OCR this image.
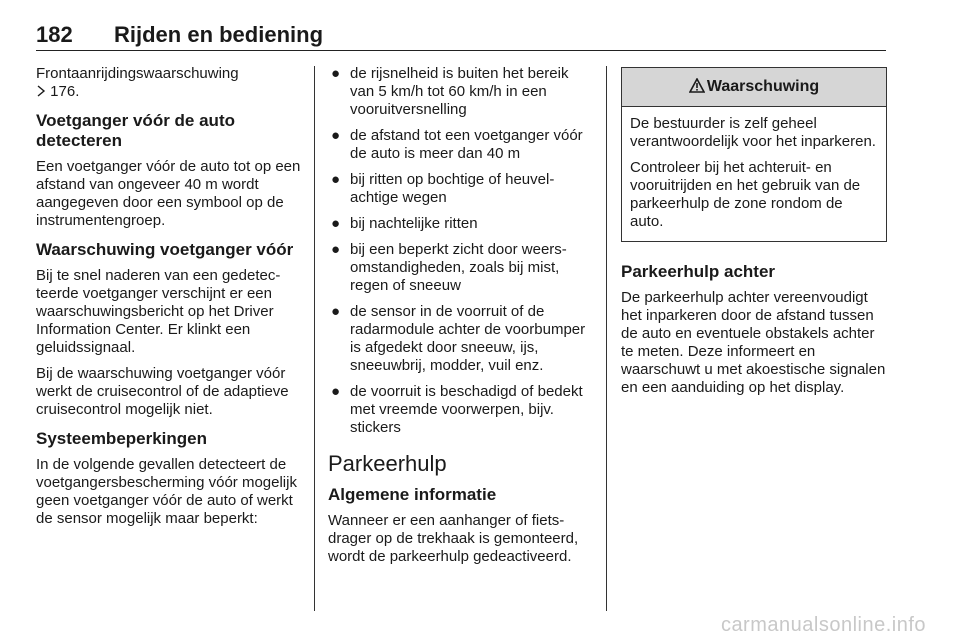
182 Rijden en bediening

Frontaanrijdingswaarschuwing
176.

Voetganger vóór de auto detecteren

Een voetganger vóór de auto tot op een afstand van ongeveer 40 m wordt aangegeven door een symbool op de instrumentengroep.

Waarschuwing voetganger vóór

Bij te snel naderen van een gedetecteerde voetganger verschijnt er een waarschuwingsbericht op het Driver Information Center. Er klinkt een geluidssignaal.

Bij de waarschuwing voetganger vóór werkt de cruisecontrol of de adaptieve cruisecontrol mogelijk niet.

Systeembeperkingen

In de volgende gevallen detecteert de voetgangersbescherming vóór mogelijk geen voetganger vóór de auto of werkt de sensor mogelijk maar beperkt:

● de rijsnelheid is buiten het bereik van 5 km/h tot 60 km/h in een vooruitversnelling
● de afstand tot een voetganger vóór de auto is meer dan 40 m
● bij ritten op bochtige of heuvelachtige wegen
● bij nachtelijke ritten
● bij een beperkt zicht door weersomstandigheden, zoals bij mist, regen of sneeuw
● de sensor in de voorruit of de radarmodule achter de voorbumper is afgedekt door sneeuw, ijs, sneeuwbrij, modder, vuil enz.
● de voorruit is beschadigd of bedekt met vreemde voorwerpen, bijv. stickers
Parkeerhulp
Algemene informatie

Wanneer er een aanhanger of fietsdrager op de trekhaak is gemonteerd, wordt de parkeerhulp gedeactiveerd.

Waarschuwing

De bestuurder is zelf geheel verantwoordelijk voor het inparkeren.

Controleer bij het achteruit- en vooruitrijden en het gebruik van de parkeerhulp de zone rondom de auto.

Parkeerhulp achter

De parkeerhulp achter vereenvoudigt het inparkeren door de afstand tussen de auto en eventuele obstakels achter te meten. Deze informeert en waarschuwt u met akoestische signalen en een aanduiding op het display.

carmanualsonline.info
